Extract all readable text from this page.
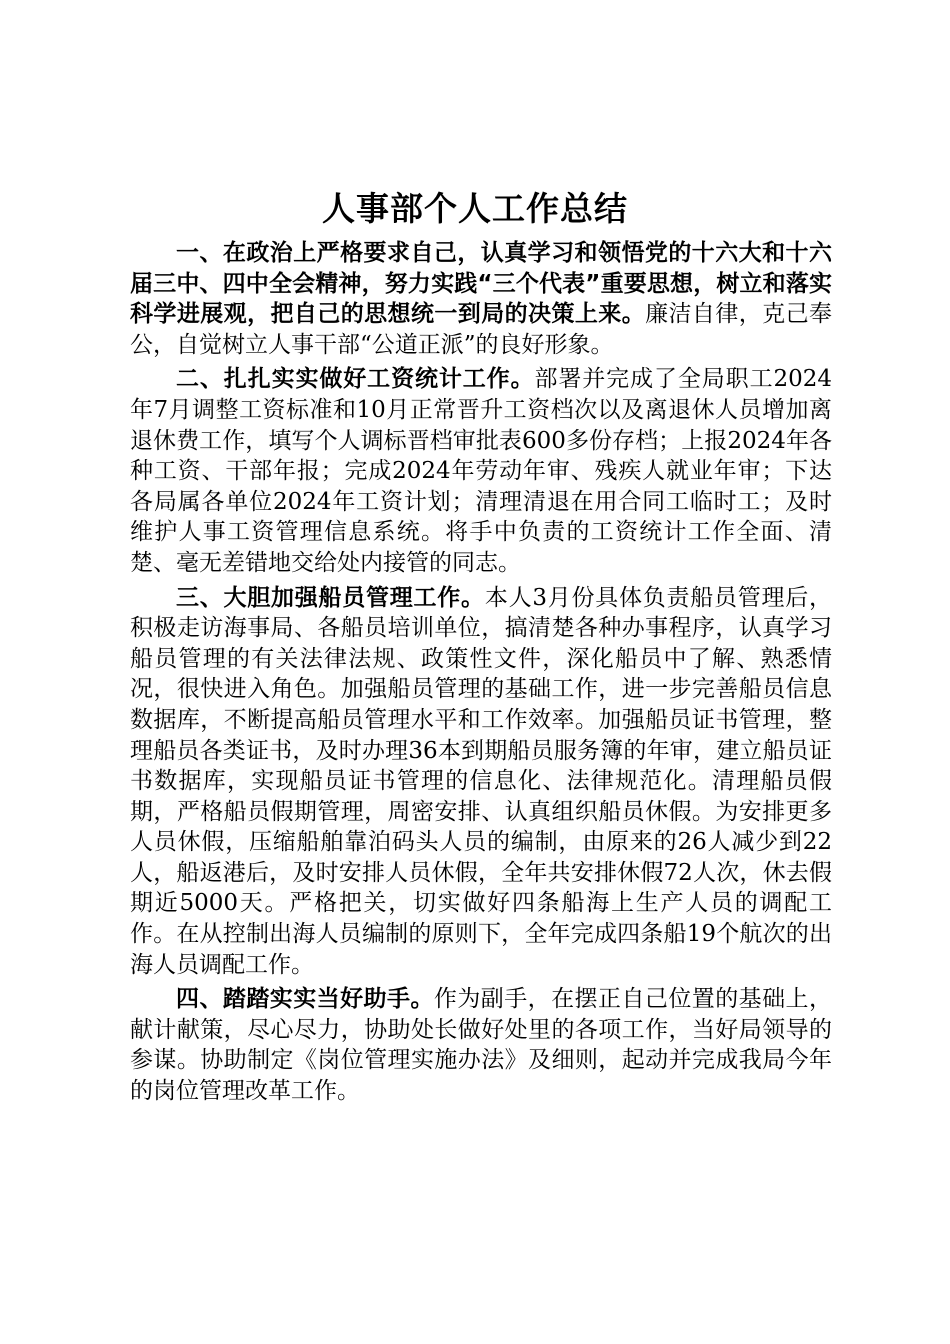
人事部个人工作总结

一、在政治上严格要求自己，认真学习和领悟党的十六大和十六届三中、四中全会精神，努力实践“三个代表”重要思想，树立和落实科学进展观，把自己的思想统一到局的决策上来。廉洁自律，克己奉公，自觉树立人事干部“公道正派”的良好形象。

二、扎扎实实做好工资统计工作。部署并完成了全局职工2024年7月调整工资标准和10月正常晋升工资档次以及离退休人员增加离退休费工作，填写个人调标晋档审批表600多份存档；上报2024年各种工资、干部年报；完成2024年劳动年审、残疾人就业年审；下达各局属各单位2024年工资计划；清理清退在用合同工临时工；及时维护人事工资管理信息系统。将手中负责的工资统计工作全面、清楚、毫无差错地交给处内接管的同志。

三、大胆加强船员管理工作。本人3月份具体负责船员管理后，积极走访海事局、各船员培训单位，搞清楚各种办事程序，认真学习船员管理的有关法律法规、政策性文件，深化船员中了解、熟悉情况，很快进入角色。加强船员管理的基础工作，进一步完善船员信息数据库，不断提高船员管理水平和工作效率。加强船员证书管理，整理船员各类证书，及时办理36本到期船员服务簿的年审，建立船员证书数据库，实现船员证书管理的信息化、法律规范化。清理船员假期，严格船员假期管理，周密安排、认真组织船员休假。为安排更多人员休假，压缩船舶靠泊码头人员的编制，由原来的26人减少到22人，船返港后，及时安排人员休假，全年共安排休假72人次，休去假期近5000天。严格把关，切实做好四条船海上生产人员的调配工作。在从控制出海人员编制的原则下，全年完成四条船19个航次的出海人员调配工作。

四、踏踏实实当好助手。作为副手，在摆正自己位置的基础上，献计献策，尽心尽力，协助处长做好处里的各项工作，当好局领导的参谋。协助制定《岗位管理实施办法》及细则，起动并完成我局今年的岗位管理改革工作。
